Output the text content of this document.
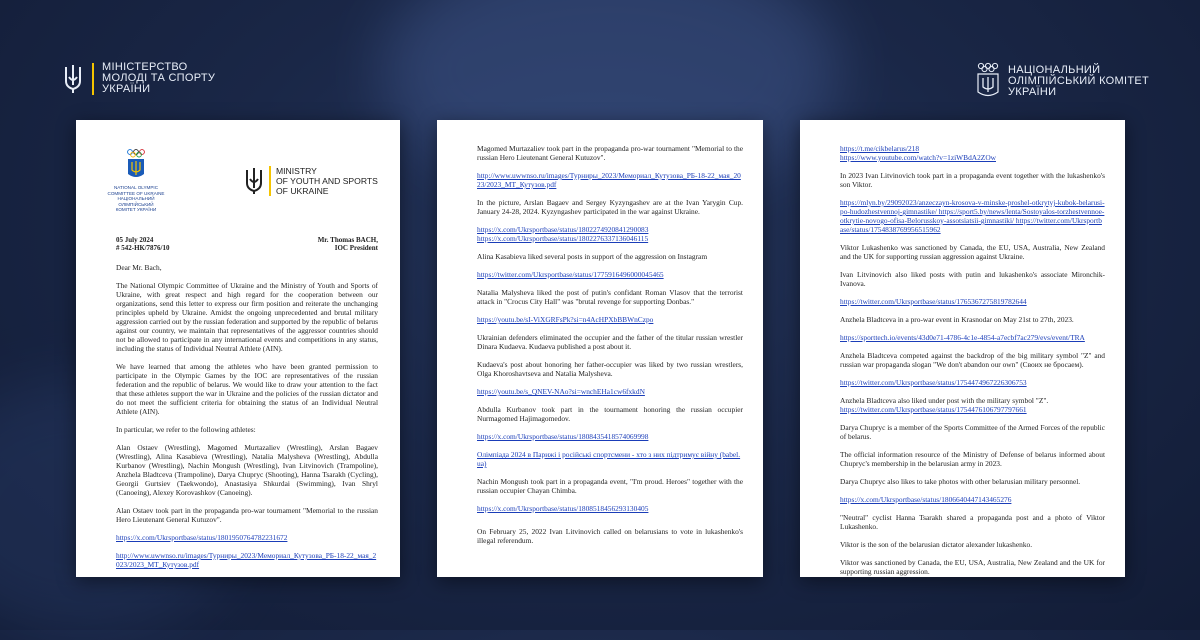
МІНІСТЕРСТВО
МОЛОДІ ТА СПОРТУ
УКРАЇНИ
НАЦІОНАЛЬНИЙ
ОЛІМПІЙСЬКИЙ КОМІТЕТ
УКРАЇНИ
NATIONAL OLYMPIC
COMMITTEE OF UKRAINE
НАЦІОНАЛЬНИЙ ОЛІМПІЙСЬКИЙ
КОМІТЕТ УКРАЇНИ
MINISTRY
OF YOUTH AND SPORTS
OF UKRAINE
05 July 2024
# 542-НК/7876/10
Mr. Thomas BACH,
IOC President

Dear Mr. Bach,

The National Olympic Committee of Ukraine and the Ministry of Youth and Sports of Ukraine, with great respect and high regard for the cooperation between our organizations, send this letter to express our firm position and reiterate the unchanging principles upheld by Ukraine. Amidst the ongoing unprecedented and brutal military aggression carried out by the russian federation and supported by the republic of belarus against our country, we maintain that representatives of the aggressor countries should not be allowed to participate in any international events and competitions in any status, including the status of Individual Neutral Athlete (AIN).

We have learned that among the athletes who have been granted permission to participate in the Olympic Games by the IOC are representatives of the russian federation and the republic of belarus. We would like to draw your attention to the fact that these athletes support the war in Ukraine and the policies of the russian dictator and do not meet the sufficient criteria for obtaining the status of an Individual Neutral Athlete (AIN).

In particular, we refer to the following athletes:

Alan Ostaev (Wrestling), Magomed Murtazaliev (Wrestling), Arslan Bagaev (Wrestling), Alina Kasabieva (Wrestling), Natalia Malysheva (Wrestling), Abdulla Kurbanov (Wrestling), Nachin Mongush (Wrestling), Ivan Litvinovich (Trampoline), Anzhela Bladtceva (Trampoline), Darya Chupryc (Shooting), Hanna Tsarakh (Cycling), Georgii Gurtsiev (Taekwondo), Anastasiya Shkurdai (Swimming), Ivan Shryl (Canoeing), Alexey Korovashkov (Canoeing).

Alan Ostaev took part in the propaganda pro-war tournament "Memorial to the russian Hero Lieutenant General Kutuzov".

https://x.com/Ukrsportbase/status/1801950764782231672
http://www.uwwnso.ru/images/Турниры_2023/Мемориал_Кутузова_РБ-18-22_мая_2023/2023_MT_Кутузов.pdf

Magomed Murtazaliev took part in the propaganda pro-war tournament "Memorial to the russian Hero Lieutenant General Kutuzov".

http://www.uwwnso.ru/images/Турниры_2023/Мемориал_Кутузова_РБ-18-22_мая_2023/2023_MT_Кутузов.pdf

In the picture, Arslan Bagaev and Sergey Kyzyngashev are at the Ivan Yarygin Cup. January 24-28, 2024. Kyzyngashev participated in the war against Ukraine.

https://x.com/Ukrsportbase/status/1802274920841290083
https://x.com/Ukrsportbase/status/1802276337136046115

Alina Kasabieva liked several posts in support of the aggression on Instagram

https://twitter.com/Ukrsportbase/status/1775916496000045465

Natalia Malysheva liked the post of putin's confidant Roman Vlasov that the terrorist attack in "Crocus City Hall" was "brutal revenge for supporting Donbas."

https://youtu.be/sI-ViXGRFsPk?si=n4AcHPXbBBWnCzpo

Ukrainian defenders eliminated the occupier and the father of the titular russian wrestler Dinara Kudaeva. Kudaeva published a post about it.

Kudaeva's post about honoring her father-occupier was liked by two russian wrestlers, Olga Khoroshavtseva and Natalia Malysheva.

https://youtu.be/s_QNEV-NAo?si=wnchEHa1cw6fxkdN

Abdulla Kurbanov took part in the tournament honoring the russian occupier Nurmagomed Hajimagomedov.

https://x.com/Ukrsportbase/status/1808435418574069998
Олімпіада 2024 в Парижі і російські спортсмени - хто з них підтримує війну (babel.ua)

Nachin Mongush took part in a propaganda event, "I'm proud. Heroes" together with the russian occupier Chayan Chimba.

https://x.com/Ukrsportbase/status/1808518456293130405

On February 25, 2022 Ivan Litvinovich called on belarusians to vote in lukashenko's illegal referendum.

https://t.me/cikbelarus/218
https://www.youtube.com/watch?v=1ziWBdA2ZOw

In 2023 Ivan Litvinovich took part in a propaganda event together with the lukashenko's son Viktor.

https://mlyn.by/29092023/anzeczayn-krosova-v-minske-proshel-otkrytyj-kubok-belarusi-po-hudozhestvennoj-gimnastike/ https://sport5.by/news/lenta/Sostoyalos-torzhestvennoe-otkrytie-novogo-ofisa-Belorusskoy-assotsiatsii-gimnastiki/ https://twitter.com/Ukrsportbase/status/1754838769956515962

Viktor Lukashenko was sanctioned by Canada, the EU, USA, Australia, New Zealand and the UK for supporting russian aggression against Ukraine.

Ivan Litvinovich also liked posts with putin and lukashenko's associate Mironchik-Ivanova.

https://twitter.com/Ukrsportbase/status/1765367275819782644

Anzhela Bladtceva in a pro-war event in Krasnodar on May 21st to 27th, 2023.

https://sporttech.io/events/43d0e71-4786-4c1e-4854-a7ecbf7ac279/evs/event/TRA

Anzhela Bladtceva competed against the backdrop of the big military symbol "Z" and russian war propaganda slogan "We don't abandon our own" (Своих не бросаем).

https://twitter.com/Ukrsportbase/status/1754474967226306753

Anzhela Bladtceva also liked under post with the military symbol "Z".

https://twitter.com/Ukrsportbase/status/1754476106797797661

Darya Chupryc is a member of the Sports Committee of the Armed Forces of the republic of belarus.

The official information resource of the Ministry of Defense of belarus informed about Chupryc's membership in the belarusian army in 2023.

Darya Chupryc also likes to take photos with other belarusian military personnel.

https://x.com/Ukrsportbase/status/1806640447143465276

"Neutral" cyclist Hanna Tsarakh shared a propaganda post and a photo of Viktor Lukashenko.

Viktor is the son of the belarusian dictator alexander lukashenko.

Viktor was sanctioned by Canada, the EU, USA, Australia, New Zealand and the UK for supporting russian aggression.
